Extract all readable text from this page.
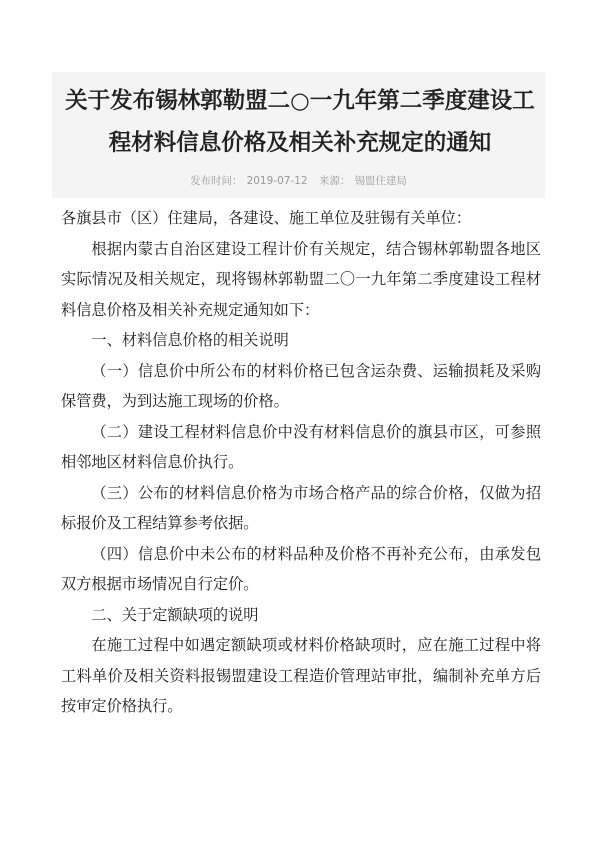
关于发布锡林郭勒盟二○一九年第二季度建设工程材料信息价格及相关补充规定的通知
发布时间： 2019-07-12 来源： 锡盟住建局

各旗县市（区）住建局，各建设、施工单位及驻锡有关单位：

根据内蒙古自治区建设工程计价有关规定，结合锡林郭勒盟各地区实际情况及相关规定，现将锡林郭勒盟二〇一九年第二季度建设工程材料信息价格及相关补充规定通知如下：

一、材料信息价格的相关说明

（一）信息价中所公布的材料价格已包含运杂费、运输损耗及采购保管费，为到达施工现场的价格。

（二）建设工程材料信息价中没有材料信息价的旗县市区，可参照相邻地区材料信息价执行。

（三）公布的材料信息价格为市场合格产品的综合价格，仅做为招标报价及工程结算参考依据。

（四）信息价中未公布的材料品种及价格不再补充公布，由承发包双方根据市场情况自行定价。

二、关于定额缺项的说明

在施工过程中如遇定额缺项或材料价格缺项时，应在施工过程中将工料单价及相关资料报锡盟建设工程造价管理站审批，编制补充单方后按审定价格执行。
